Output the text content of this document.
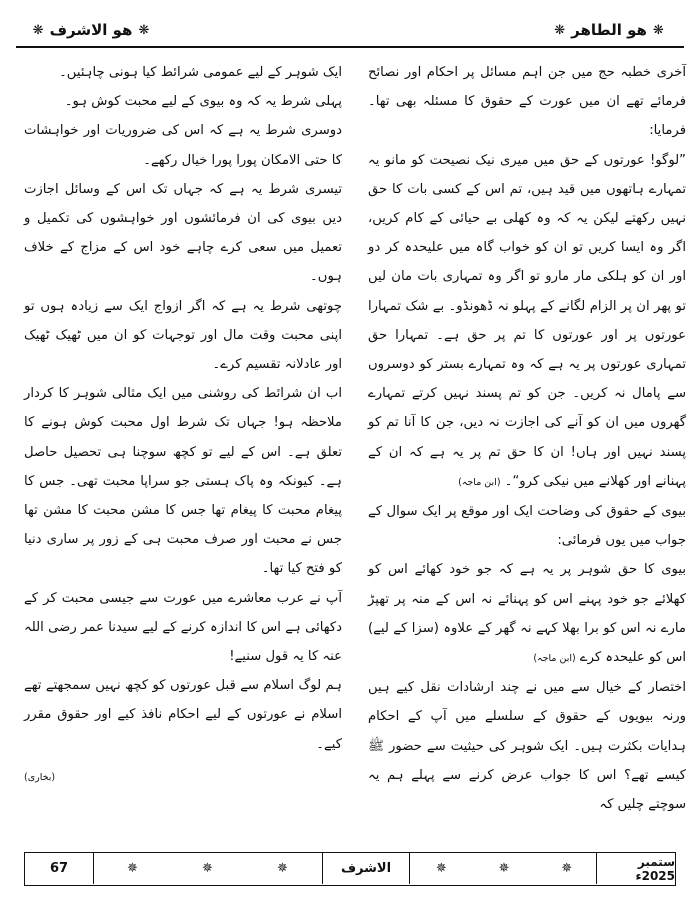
❋
هو الطاهر
❋
❋
هو الاشرف
❋

آخری خطبہ حج میں جن اہم مسائل پر احکام اور نصائح فرمائے تھے ان میں عورت کے حقوق کا مسئلہ بھی تھا۔ فرمایا:

”لوگو! عورتوں کے حق میں میری نیک نصیحت کو مانو یہ تمہارے ہاتھوں میں قید ہیں، تم اس کے کسی بات کا حق نہیں رکھتے لیکن یہ کہ وہ کھلی بے حیائی کے کام کریں، اگر وہ ایسا کریں تو ان کو خواب گاہ میں علیحدہ کر دو اور ان کو ہلکی مار مارو تو اگر وہ تمہاری بات مان لیں تو پھر ان پر الزام لگانے کے پہلو نہ ڈھونڈو۔ بے شک تمہارا عورتوں پر اور عورتوں کا تم پر حق ہے۔ تمہارا حق تمہاری عورتوں پر یہ ہے کہ وہ تمہارے بستر کو دوسروں سے پامال نہ کریں۔ جن کو تم پسند نہیں کرتے تمہارے گھروں میں ان کو آنے کی اجازت نہ دیں، جن کا آنا تم کو پسند نہیں اور ہاں! ان کا حق تم پر یہ ہے کہ ان کے پہنانے اور کھلانے میں نیکی کرو“۔ (ابن ماجہ)

بیوی کے حقوق کی وضاحت ایک اور موقع پر ایک سوال کے جواب میں یوں فرمائی:

بیوی کا حق شوہر پر یہ ہے کہ جو خود کھائے اس کو کھلائے جو خود پہنے اس کو پہنائے نہ اس کے منہ پر تھپڑ مارے نہ اس کو برا بھلا کہے نہ گھر کے علاوہ (سزا کے لیے) اس کو علیحدہ کرے (ابن ماجہ)

اختصار کے خیال سے میں نے چند ارشادات نقل کیے ہیں ورنہ بیویوں کے حقوق کے سلسلے میں آپ کے احکام ہدایات بکثرت ہیں۔ ایک شوہر کی حیثیت سے حضور ﷺ کیسے تھے؟ اس کا جواب عرض کرنے سے پہلے ہم یہ سوچتے چلیں کہ

ایک شوہر کے لیے عمومی شرائط کیا ہونی چاہئیں۔

پہلی شرط یہ کہ وہ بیوی کے لیے محبت کوش ہو۔

دوسری شرط یہ ہے کہ اس کی ضروریات اور خواہشات کا حتی الامکان پورا پورا خیال رکھے۔

تیسری شرط یہ ہے کہ جہاں تک اس کے وسائل اجازت دیں بیوی کی ان فرمائشوں اور خواہشوں کی تکمیل و تعمیل میں سعی کرے چاہے خود اس کے مزاج کے خلاف ہوں۔

چوتھی شرط یہ ہے کہ اگر ازواج ایک سے زیادہ ہوں تو اپنی محبت وقت مال اور توجہات کو ان میں ٹھیک ٹھیک اور عادلانہ تقسیم کرے۔

اب ان شرائط کی روشنی میں ایک مثالی شوہر کا کردار ملاحظہ ہو! جہاں تک شرط اول محبت کوش ہونے کا تعلق ہے۔ اس کے لیے تو کچھ سوچنا ہی تحصیل حاصل ہے۔ کیونکہ وہ پاک ہستی جو سراپا محبت تھی۔ جس کا پیغام محبت کا پیغام تھا جس کا مشن محبت کا مشن تھا جس نے محبت اور صرف محبت ہی کے زور پر ساری دنیا کو فتح کیا تھا۔

آپ نے عرب معاشرے میں عورت سے جیسی محبت کر کے دکھائی ہے اس کا اندازہ کرنے کے لیے سیدنا عمر رضی اللہ عنہ کا یہ قول سنیے!

ہم لوگ اسلام سے قبل عورتوں کو کچھ نہیں سمجھتے تھے اسلام نے عورتوں کے لیے احکام نافذ کیے اور حقوق مقرر کیے۔

(بخاری)
67	✵	✵	✵	الاشرف	✵	✵	✵	ستمبر 2025ء
